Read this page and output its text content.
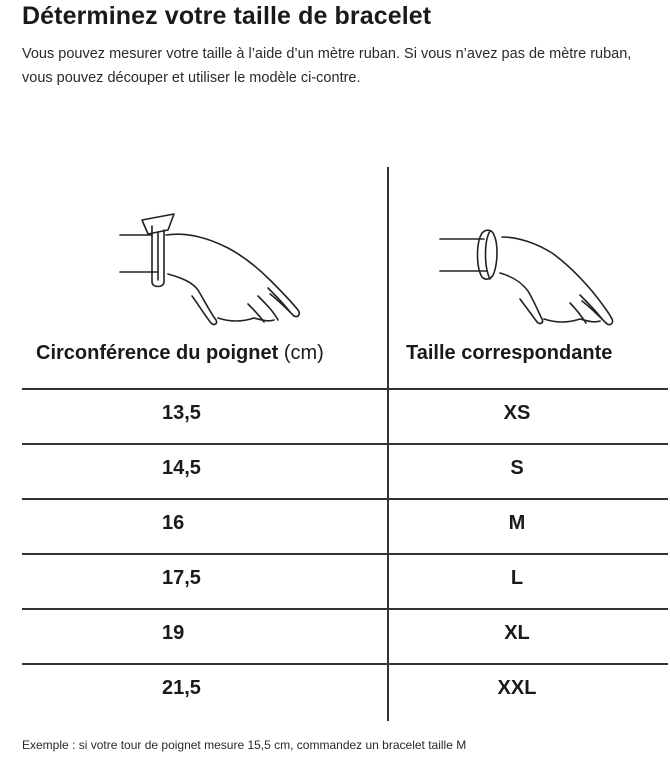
Déterminez votre taille de bracelet
Vous pouvez mesurer votre taille à l’aide d’un mètre ruban. Si vous n’avez pas de mètre ruban, vous pouvez découper et utiliser le modèle ci-contre.
Circonférence du poignet (cm)	Taille correspondante
13,5	XS
14,5	S
16	M
17,5	L
19	XL
21,5	XXL
Exemple : si votre tour de poignet mesure 15,5 cm, commandez un bracelet taille M
